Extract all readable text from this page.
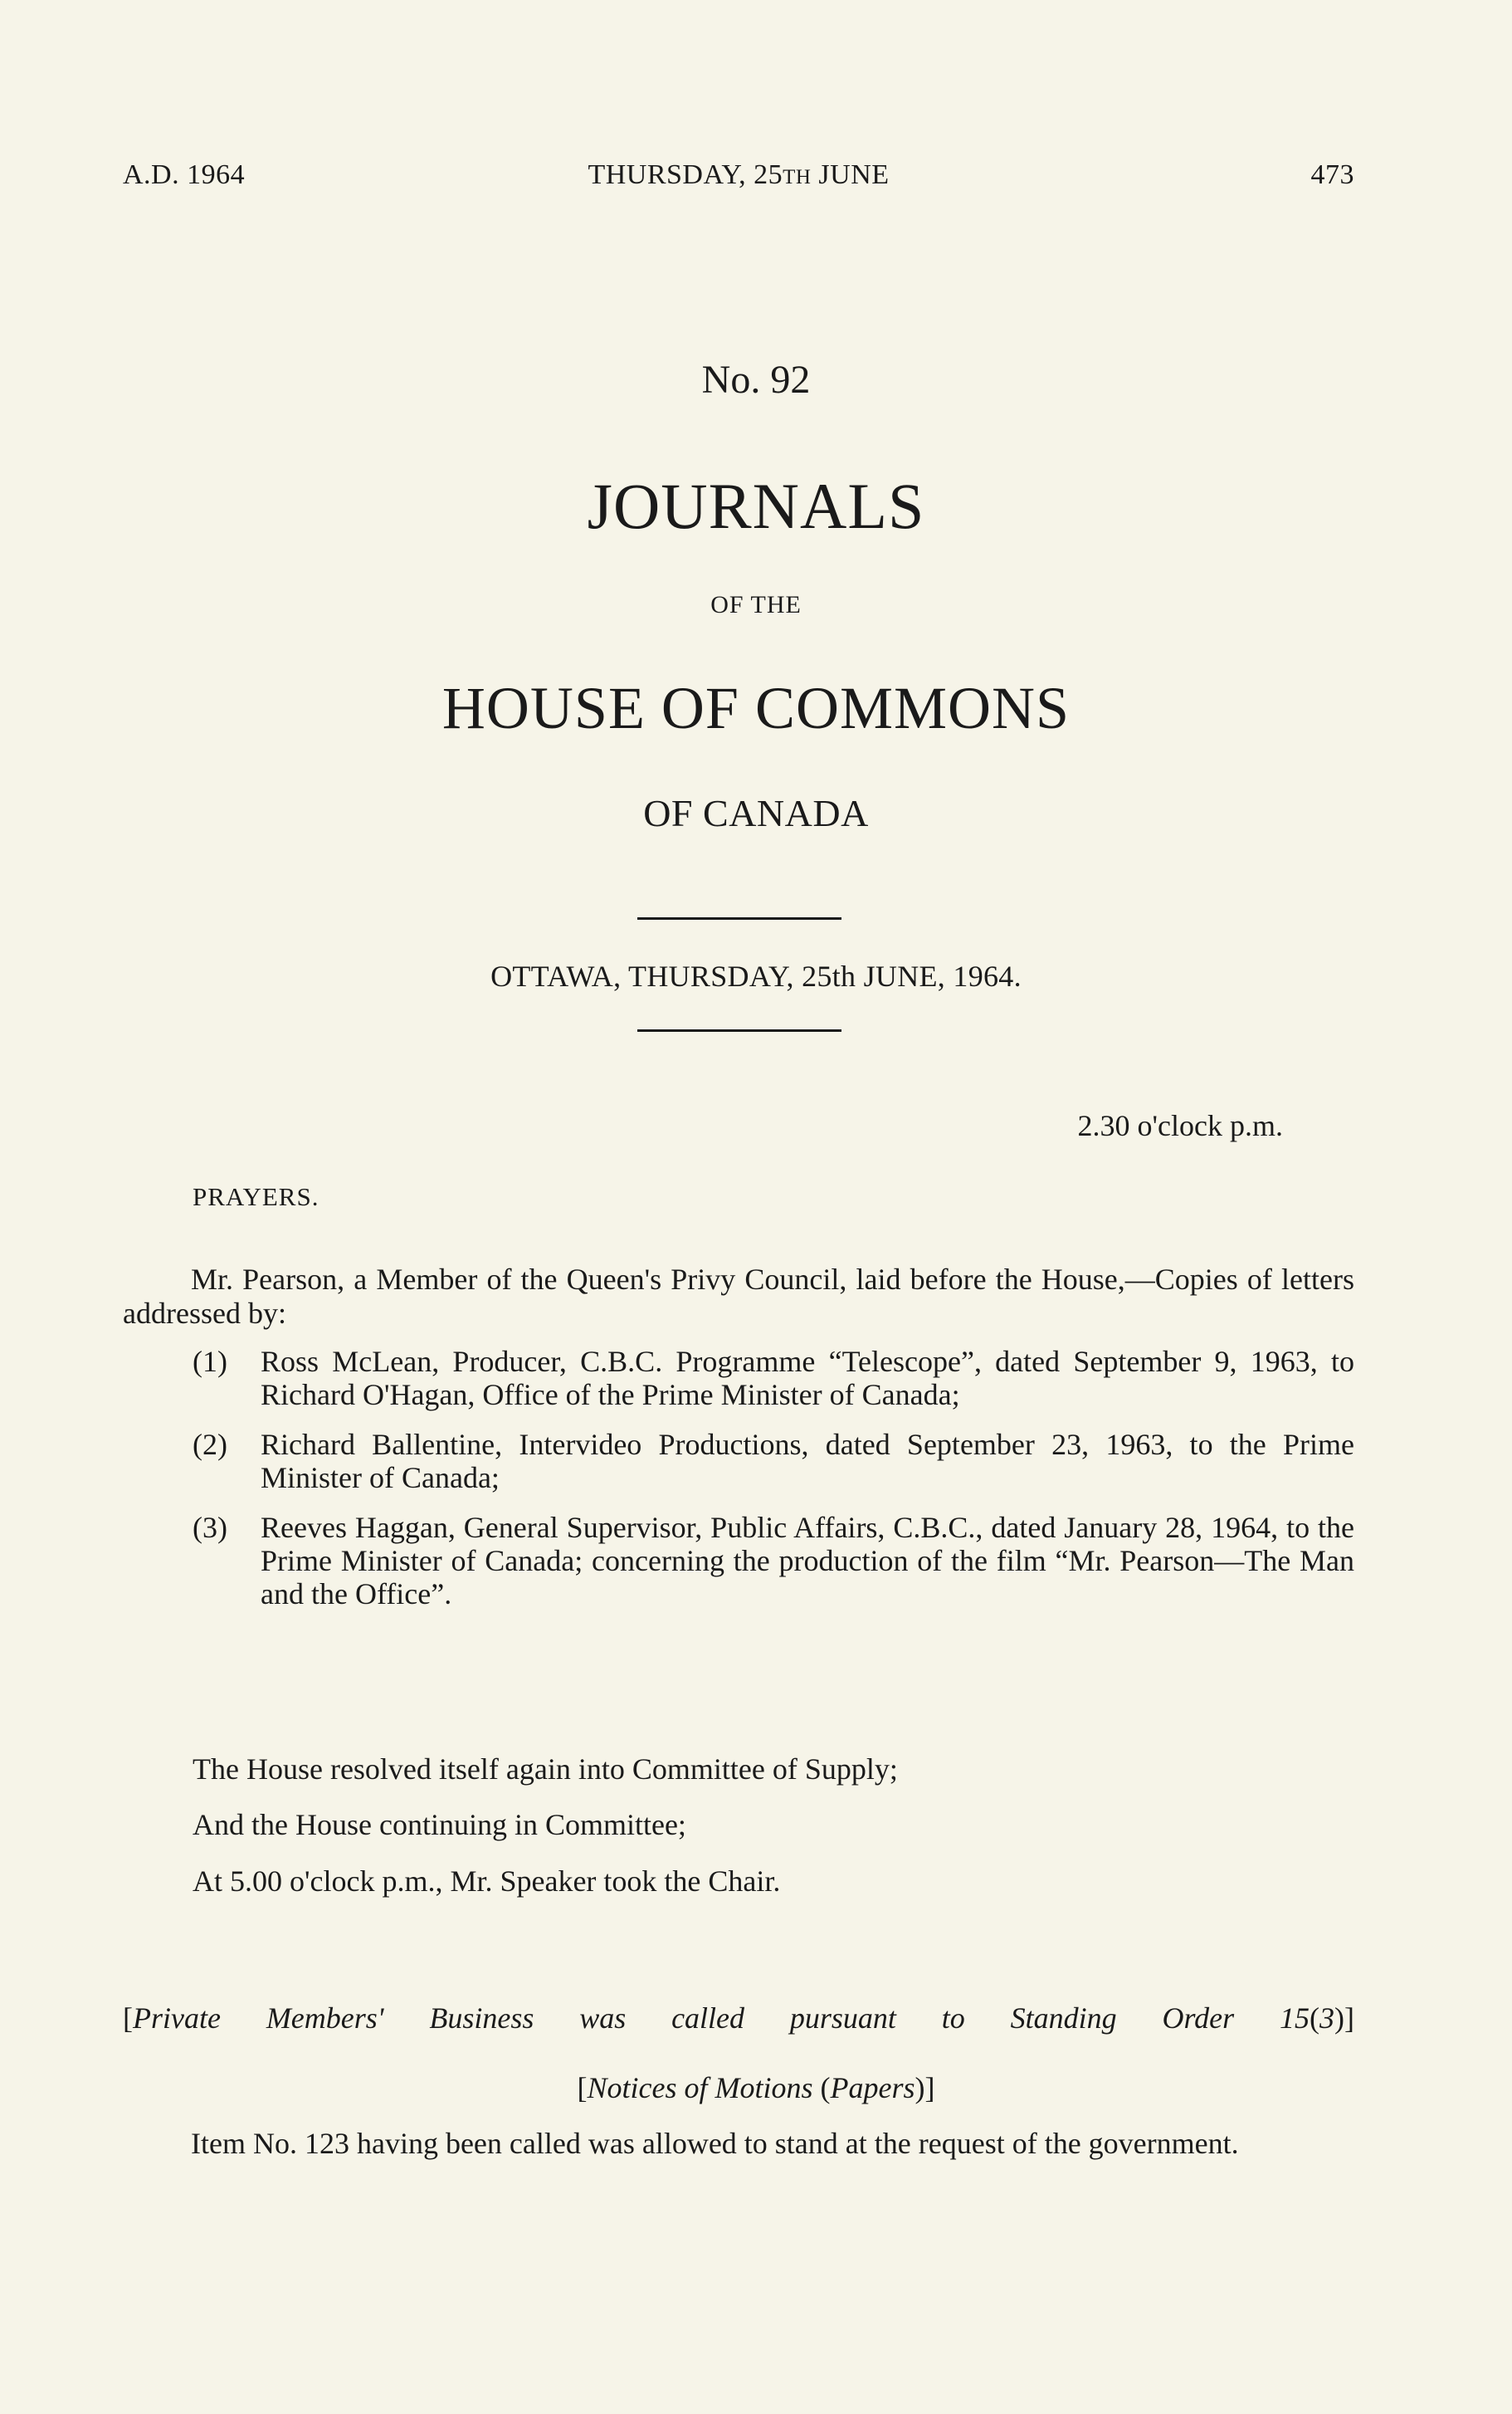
A.D. 1964	THURSDAY, 25TH JUNE	473
No. 92
JOURNALS
OF THE
HOUSE OF COMMONS
OF CANADA
OTTAWA, THURSDAY, 25th JUNE, 1964.
2.30 o'clock p.m.
PRAYERS.
Mr. Pearson, a Member of the Queen's Privy Council, laid before the House,—Copies of letters addressed by:
(1) Ross McLean, Producer, C.B.C. Programme “Telescope”, dated September 9, 1963, to Richard O'Hagan, Office of the Prime Minister of Canada;
(2) Richard Ballentine, Intervideo Productions, dated September 23, 1963, to the Prime Minister of Canada;
(3) Reeves Haggan, General Supervisor, Public Affairs, C.B.C., dated January 28, 1964, to the Prime Minister of Canada; concerning the production of the film “Mr. Pearson—The Man and the Office”.
The House resolved itself again into Committee of Supply;
And the House continuing in Committee;
At 5.00 o'clock p.m., Mr. Speaker took the Chair.
[Private Members' Business was called pursuant to Standing Order 15(3)]
[Notices of Motions (Papers)]
Item No. 123 having been called was allowed to stand at the request of the government.
